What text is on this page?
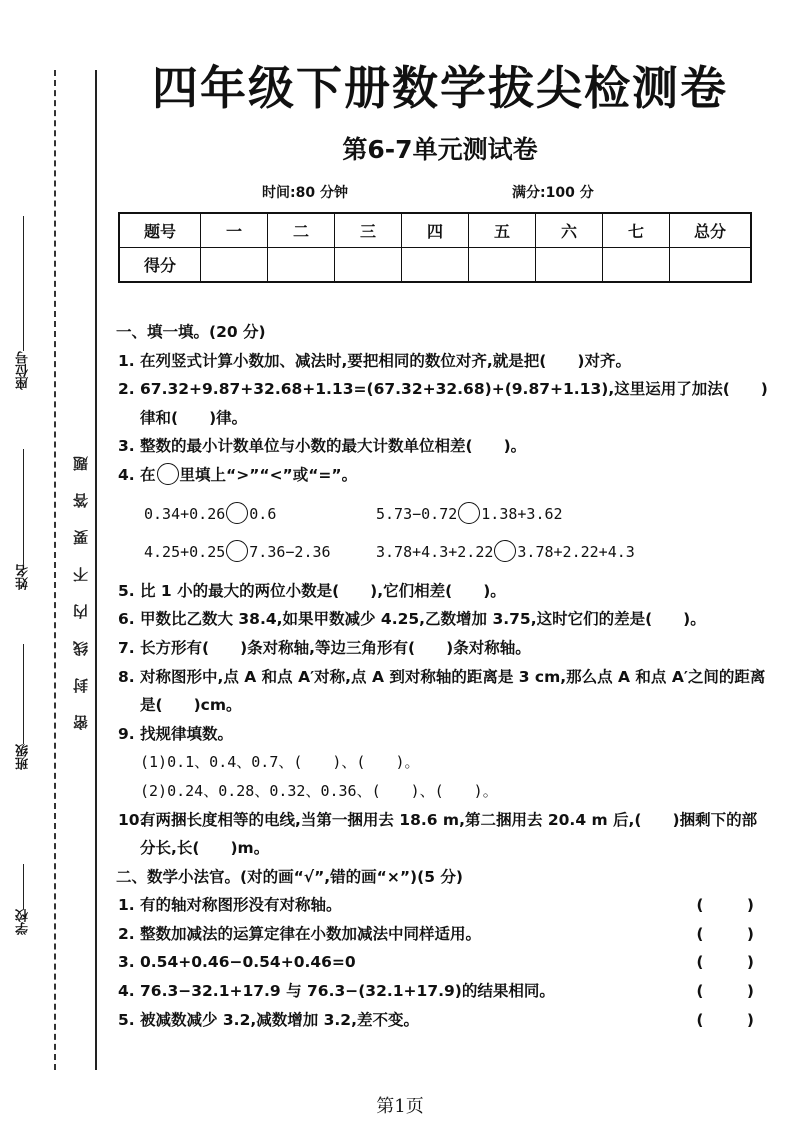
座位号
姓名
班级
学校
密封线内不要答题
四年级下册数学拔尖检测卷
第6-7单元测试卷
时间:80 分钟	满分:100 分
题号	一	二	三	四	五	六	七	总分
得分								
一、填一填。(20 分)
1. 在列竖式计算小数加、减法时,要把相同的数位对齐,就是把(　　)对齐。
2. 67.32+9.87+32.68+1.13=(67.32+32.68)+(9.87+1.13),这里运用了加法(　　)律和(　　)律。
3. 整数的最小计数单位与小数的最大计数单位相差(　　)。
4. 在 里填上“>”“<”或“=”。
0.34+0.26 0.6	5.73−0.72 1.38+3.62
4.25+0.25 7.36−2.36	3.78+4.3+2.22 3.78+2.22+4.3
5. 比 1 小的最大的两位小数是(　　),它们相差(　　)。
6. 甲数比乙数大 38.4,如果甲数减少 4.25,乙数增加 3.75,这时它们的差是(　　)。
7. 长方形有(　　)条对称轴,等边三角形有(　　)条对称轴。
8. 对称图形中,点 A 和点 A′对称,点 A 到对称轴的距离是 3 cm,那么点 A 和点 A′之间的距离是(　　)cm。
9. 找规律填数。
(1)0.1、0.4、0.7、(　　)、(　　)。
(2)0.24、0.28、0.32、0.36、(　　)、(　　)。
10.有两捆长度相等的电线,当第一捆用去 18.6 m,第二捆用去 20.4 m 后,(　　)捆剩下的部分长,长(　　)m。
二、数学小法官。(对的画“√”,错的画“×”)(5 分)
1. 有的轴对称图形没有对称轴。	(　)
2. 整数加减法的运算定律在小数加减法中同样适用。	(　)
3. 0.54+0.46−0.54+0.46=0	(　)
4. 76.3−32.1+17.9 与 76.3−(32.1+17.9)的结果相同。	(　)
5. 被减数减少 3.2,减数增加 3.2,差不变。	(　)
第1页
